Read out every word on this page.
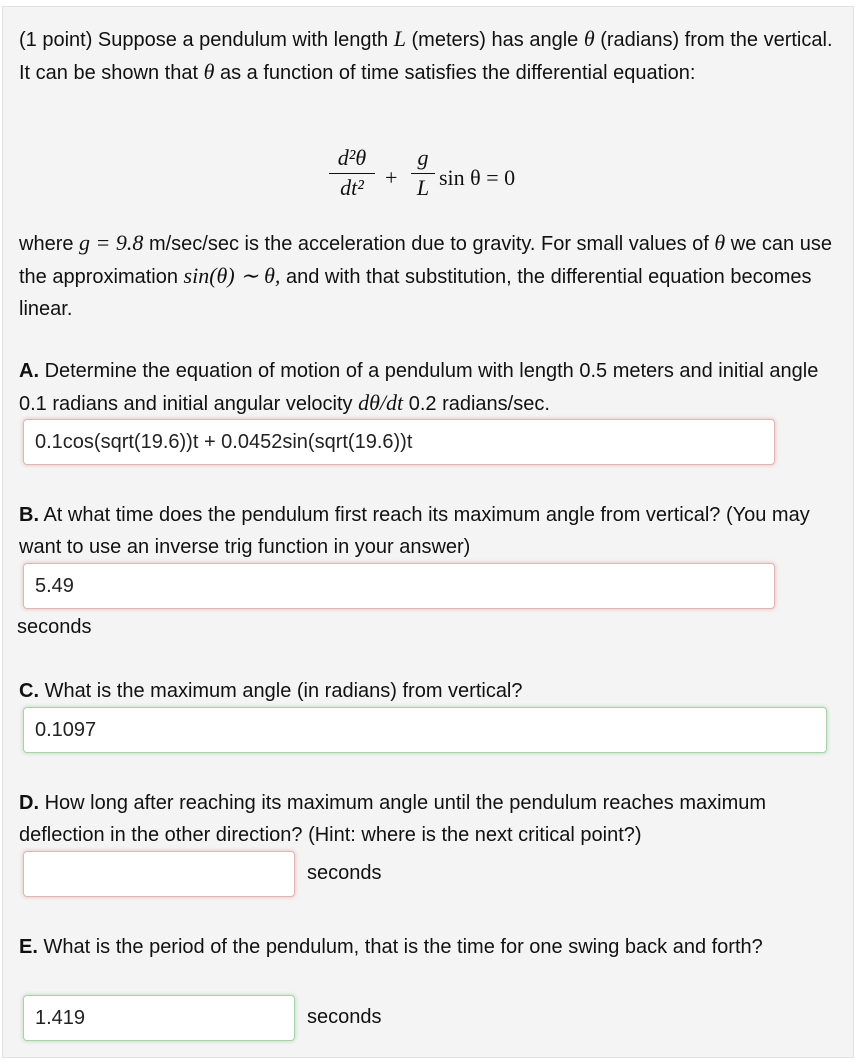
(1 point) Suppose a pendulum with length L (meters) has angle θ (radians) from the vertical. It can be shown that θ as a function of time satisfies the differential equation:

d²θ
dt² +
g
L sin θ = 0

where g = 9.8 m/sec/sec is the acceleration due to gravity. For small values of θ we can use the approximation sin(θ) ∼ θ, and with that substitution, the differential equation becomes linear.

A. Determine the equation of motion of a pendulum with length 0.5 meters and initial angle 0.1 radians and initial angular velocity dθ/dt 0.2 radians/sec.

0.1cos(sqrt(19.6))t + 0.0452sin(sqrt(19.6))t

B. At what time does the pendulum first reach its maximum angle from vertical? (You may want to use an inverse trig function in your answer)

5.49
seconds

C. What is the maximum angle (in radians) from vertical?

0.1097

D. How long after reaching its maximum angle until the pendulum reaches maximum deflection in the other direction? (Hint: where is the next critical point?)

seconds

E. What is the period of the pendulum, that is the time for one swing back and forth?

1.419	seconds
